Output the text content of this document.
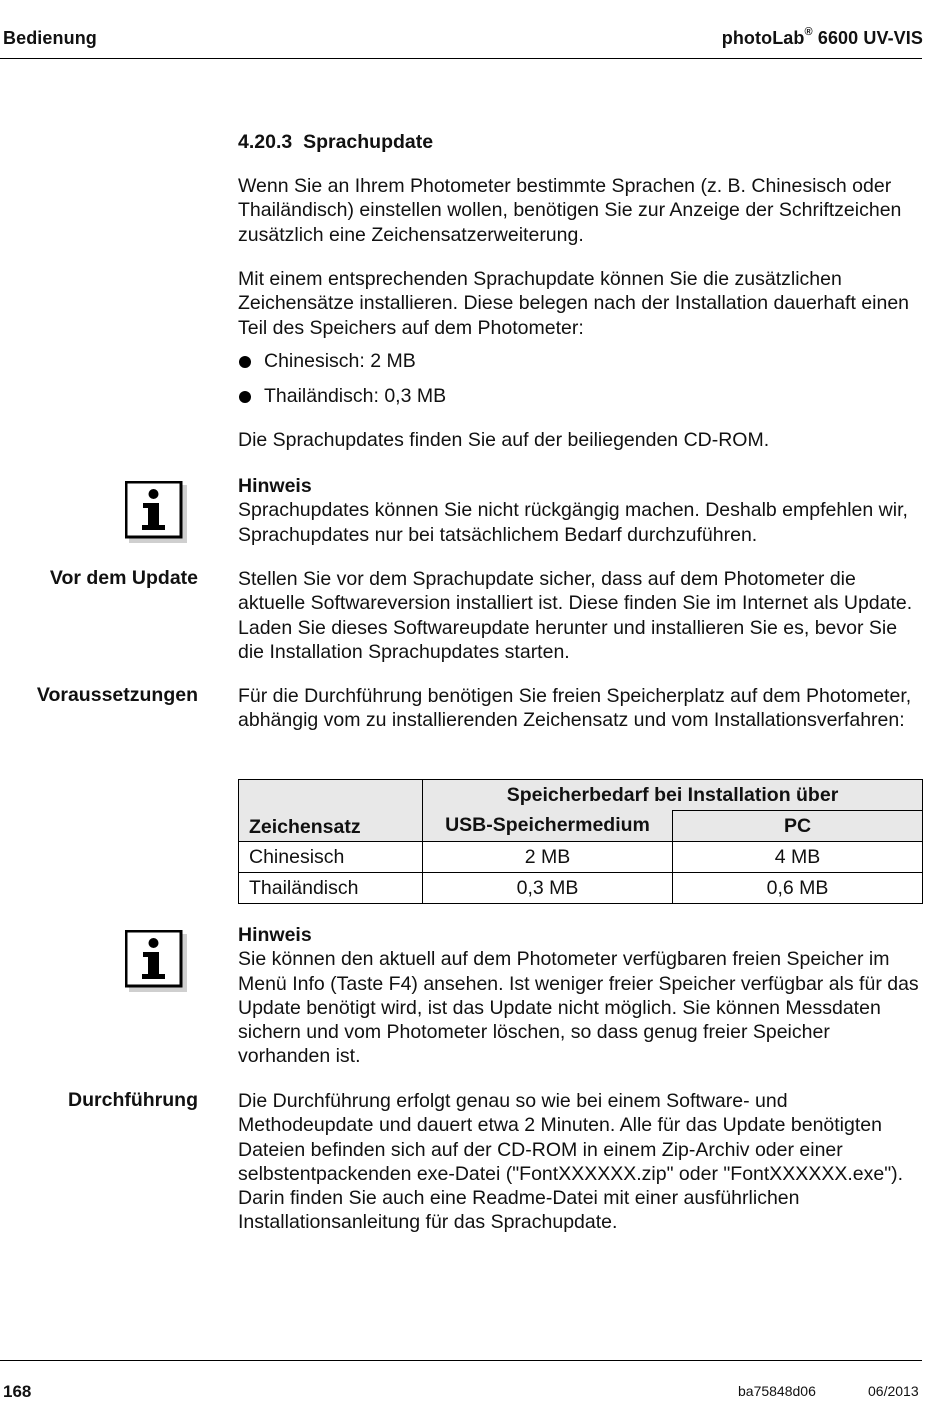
Bedienung	photoLab® 6600 UV-VIS
4.20.3 Sprachupdate

Wenn Sie an Ihrem Photometer bestimmte Sprachen (z. B. Chinesisch oder Thailändisch) einstellen wollen, benötigen Sie zur Anzeige der Schriftzeichen zusätzlich eine Zeichensatzerweiterung.

Mit einem entsprechenden Sprachupdate können Sie die zusätzlichen Zeichensätze installieren. Diese belegen nach der Installation dauerhaft einen Teil des Speichers auf dem Photometer:

Chinesisch: 2 MB
Thailändisch: 0,3 MB

Die Sprachupdates finden Sie auf der beiliegenden CD-ROM.

Hinweis

Sprachupdates können Sie nicht rückgängig machen. Deshalb empfehlen wir, Sprachupdates nur bei tatsächlichem Bedarf durchzuführen.

Vor dem Update Stellen Sie vor dem Sprachupdate sicher, dass auf dem Photometer die aktuelle Softwareversion installiert ist. Diese finden Sie im Internet als Update. Laden Sie dieses Softwareupdate herunter und installieren Sie es, bevor Sie die Installation Sprachupdates starten.

Voraussetzungen Für die Durchführung benötigen Sie freien Speicherplatz auf dem Photometer, abhängig vom zu installierenden Zeichensatz und vom Installationsverfahren:

Zeichensatz	Speicherbedarf bei Installation über	
	USB-Speichermedium	PC
Chinesisch	2 MB	4 MB
Thailändisch	0,3 MB	0,6 MB

Hinweis

Sie können den aktuell auf dem Photometer verfügbaren freien Speicher im Menü Info (Taste F4) ansehen. Ist weniger freier Speicher verfügbar als für das Update benötigt wird, ist das Update nicht möglich. Sie können Messdaten sichern und vom Photometer löschen, so dass genug freier Speicher vorhanden ist.

Durchführung Die Durchführung erfolgt genau so wie bei einem Software- und Methodeupdate und dauert etwa 2 Minuten. Alle für das Update benötigten Dateien befinden sich auf der CD-ROM in einem Zip-Archiv oder einer selbstentpackenden exe-Datei ("FontXXXXXX.zip" oder "FontXXXXXX.exe"). Darin finden Sie auch eine Readme-Datei mit einer ausführlichen Installationsanleitung für das Sprachupdate.

168	ba75848d06	06/2013
